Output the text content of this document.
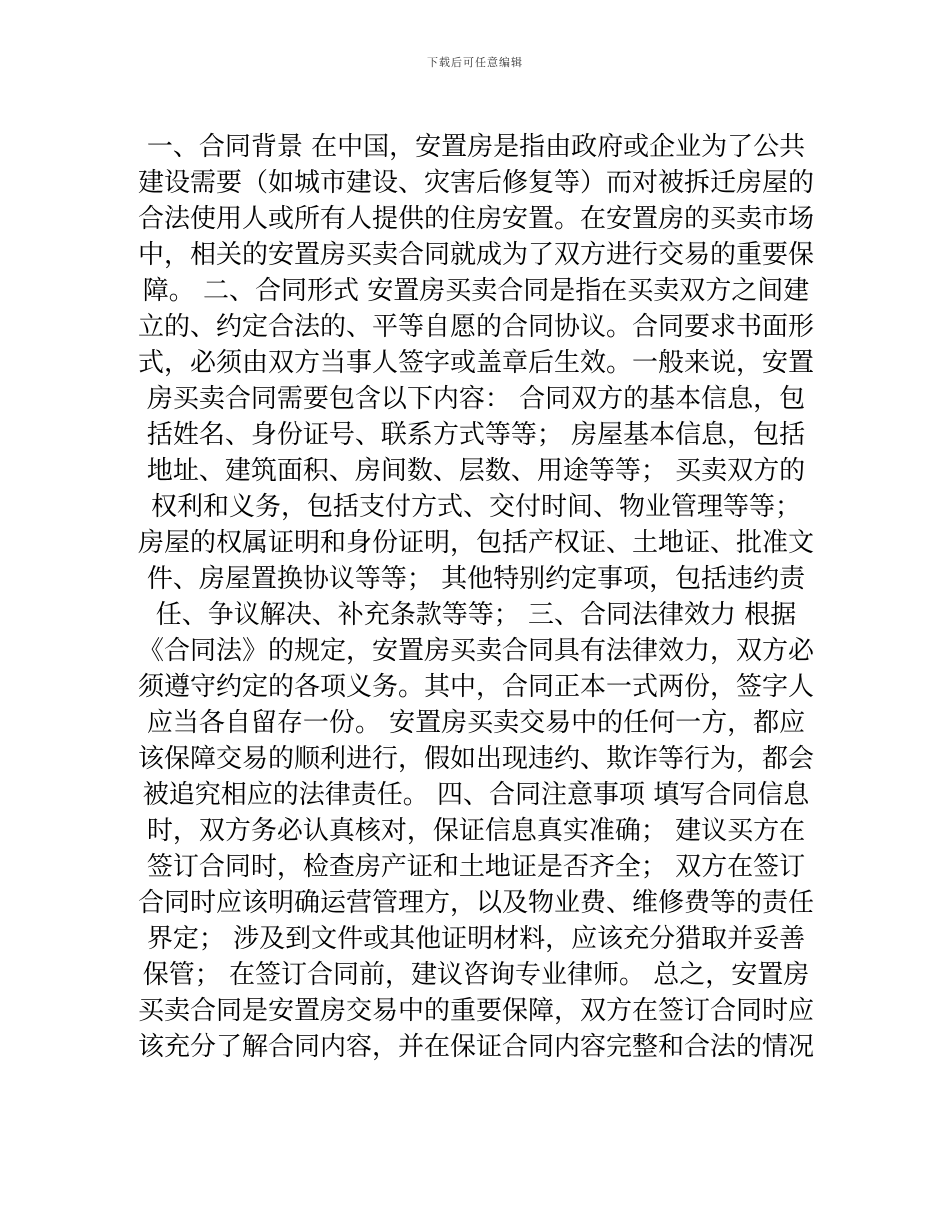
下载后可任意编辑
一、合同背景 在中国，安置房是指由政府或企业为了公共
建设需要（如城市建设、灾害后修复等）而对被拆迁房屋的
合法使用人或所有人提供的住房安置。在安置房的买卖市场
中，相关的安置房买卖合同就成为了双方进行交易的重要保
障。 二、合同形式 安置房买卖合同是指在买卖双方之间建
立的、约定合法的、平等自愿的合同协议。合同要求书面形
式，必须由双方当事人签字或盖章后生效。一般来说，安置
房买卖合同需要包含以下内容： 合同双方的基本信息，包
括姓名、身份证号、联系方式等等； 房屋基本信息，包括
地址、建筑面积、房间数、层数、用途等等； 买卖双方的
权利和义务，包括支付方式、交付时间、物业管理等等；
房屋的权属证明和身份证明，包括产权证、土地证、批准文
件、房屋置换协议等等； 其他特别约定事项，包括违约责
任、争议解决、补充条款等等； 三、合同法律效力 根据
《合同法》的规定，安置房买卖合同具有法律效力，双方必
须遵守约定的各项义务。其中，合同正本一式两份，签字人
应当各自留存一份。 安置房买卖交易中的任何一方，都应
该保障交易的顺利进行，假如出现违约、欺诈等行为，都会
被追究相应的法律责任。 四、合同注意事项 填写合同信息
时，双方务必认真核对，保证信息真实准确； 建议买方在
签订合同时，检查房产证和土地证是否齐全； 双方在签订
合同时应该明确运营管理方，以及物业费、维修费等的责任
界定； 涉及到文件或其他证明材料，应该充分猎取并妥善
保管； 在签订合同前，建议咨询专业律师。 总之，安置房
买卖合同是安置房交易中的重要保障，双方在签订合同时应
该充分了解合同内容，并在保证合同内容完整和合法的情况
